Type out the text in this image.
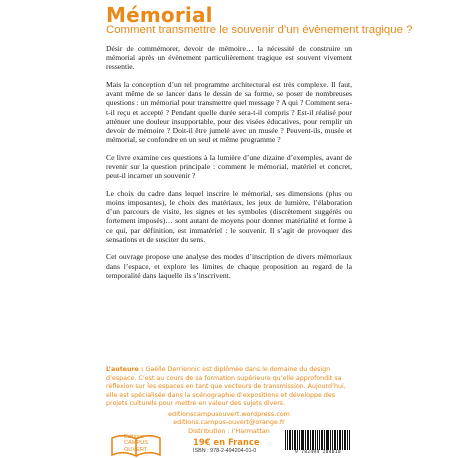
Mémorial
Comment transmettre le souvenir d’un évènement tragique ?

Désir de commémorer, devoir de mémoire… la nécessité de construire un mémorial après un évènement particulièrement tragique est souvent vivement ressentie.

Mais la conception d’un tel programme architectural est très complexe. Il faut, avant même de se lancer dans le dessin de sa forme, se poser de nombreuses questions : un mémorial pour transmettre quel message ? A qui ? Comment sera-t-il reçu et accepté ? Pendant quelle durée sera-t-il compris ? Est-il réalisé pour atténuer une douleur insupportable, pour des visées éducatives, pour remplir un devoir de mémoire ? Doit-il être jumelé avec un musée ? Peuvent-ils, musée et mémorial, se confondre en un seul et même programme ?

Ce livre examine ces questions à la lumière d’une dizaine d’exemples, avant de revenir sur la question principale : comment le mémorial, matériel et concret, peut-il incarner un souvenir ?

Le choix du cadre dans lequel inscrire le mémorial, ses dimensions (plus ou moins imposantes), le choix des matériaux, les jeux de lumière, l’élaboration d’un parcours de visite, les signes et les symboles (discrètement suggérés ou fortement imposés)… sont autant de moyens pour donner matérialité et forme à ce qui, par définition, est immatériel : le souvenir. Il s’agit de provoquer des sensations et de susciter du sens.

Cet ouvrage propose une analyse des modes d’inscription de divers mémoriaux dans l’espace, et explore les limites de chaque proposition au regard de la temporalité dans laquelle ils s’inscrivent.

L’auteure : Gaëlle Derriennic est diplômée dans le domaine du design d’espace. C’est au cours de sa formation supérieure qu’elle approfondit sa réflexion sur les espaces en tant que vecteurs de transmission. Aujourd’hui, elle est spécialisée dans la scénographie d’expositions et développe des projets culturels pour mettre en valeur des sujets divers.
editionscampusouvert.wordpress.com
editions.campus-ouvert@orange.fr
Distribution : l’Harmattan
Editions
CAMPUS
OUVERT
19€ en France
ISBN : 978-2-494204-01-0	9 782494 204010
